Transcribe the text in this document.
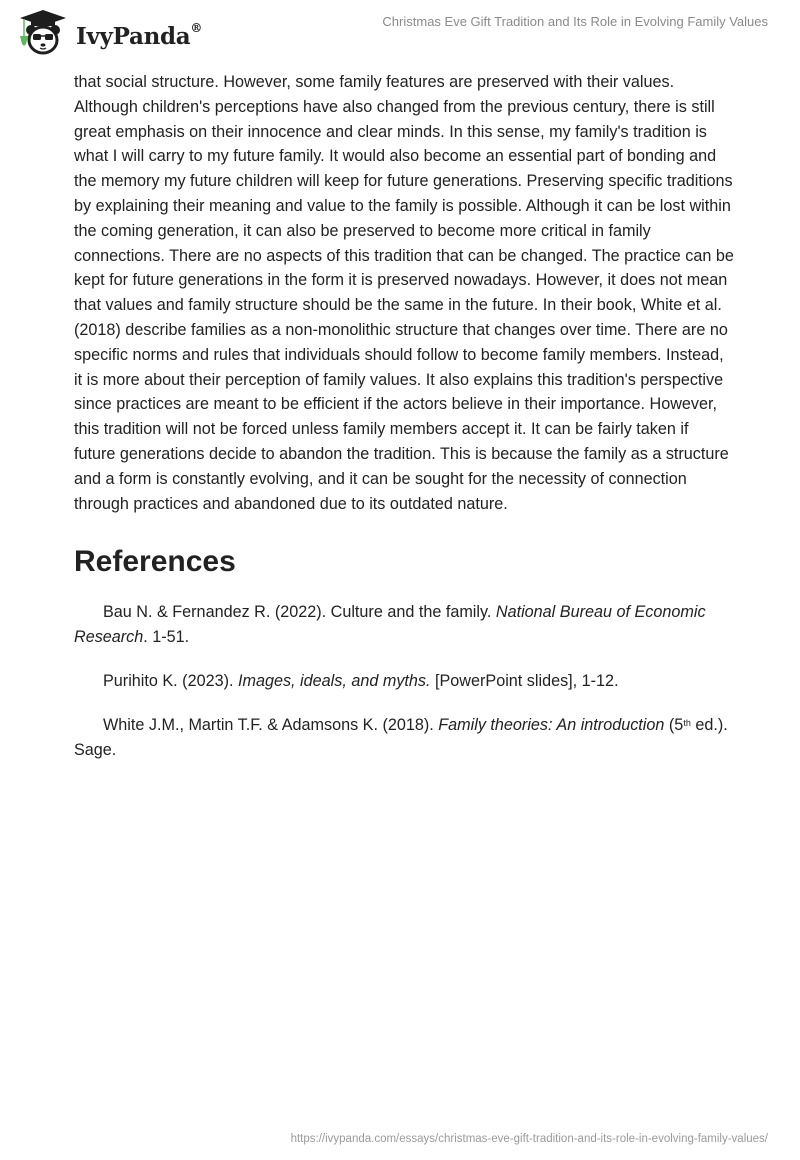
IvyPanda®	Christmas Eve Gift Tradition and Its Role in Evolving Family Values

that social structure. However, some family features are preserved with their values. Although children's perceptions have also changed from the previous century, there is still great emphasis on their innocence and clear minds. In this sense, my family's tradition is what I will carry to my future family. It would also become an essential part of bonding and the memory my future children will keep for future generations. Preserving specific traditions by explaining their meaning and value to the family is possible. Although it can be lost within the coming generation, it can also be preserved to become more critical in family connections. There are no aspects of this tradition that can be changed. The practice can be kept for future generations in the form it is preserved nowadays. However, it does not mean that values and family structure should be the same in the future. In their book, White et al. (2018) describe families as a non-monolithic structure that changes over time. There are no specific norms and rules that individuals should follow to become family members. Instead, it is more about their perception of family values. It also explains this tradition's perspective since practices are meant to be efficient if the actors believe in their importance. However, this tradition will not be forced unless family members accept it. It can be fairly taken if future generations decide to abandon the tradition. This is because the family as a structure and a form is constantly evolving, and it can be sought for the necessity of connection through practices and abandoned due to its outdated nature.

References

Bau N. & Fernandez R. (2022). Culture and the family. National Bureau of Economic Research. 1-51.

Purihito K. (2023). Images, ideals, and myths. [PowerPoint slides], 1-12.

White J.M., Martin T.F. & Adamsons K. (2018). Family theories: An introduction (5th ed.). Sage.

https://ivypanda.com/essays/christmas-eve-gift-tradition-and-its-role-in-evolving-family-values/
